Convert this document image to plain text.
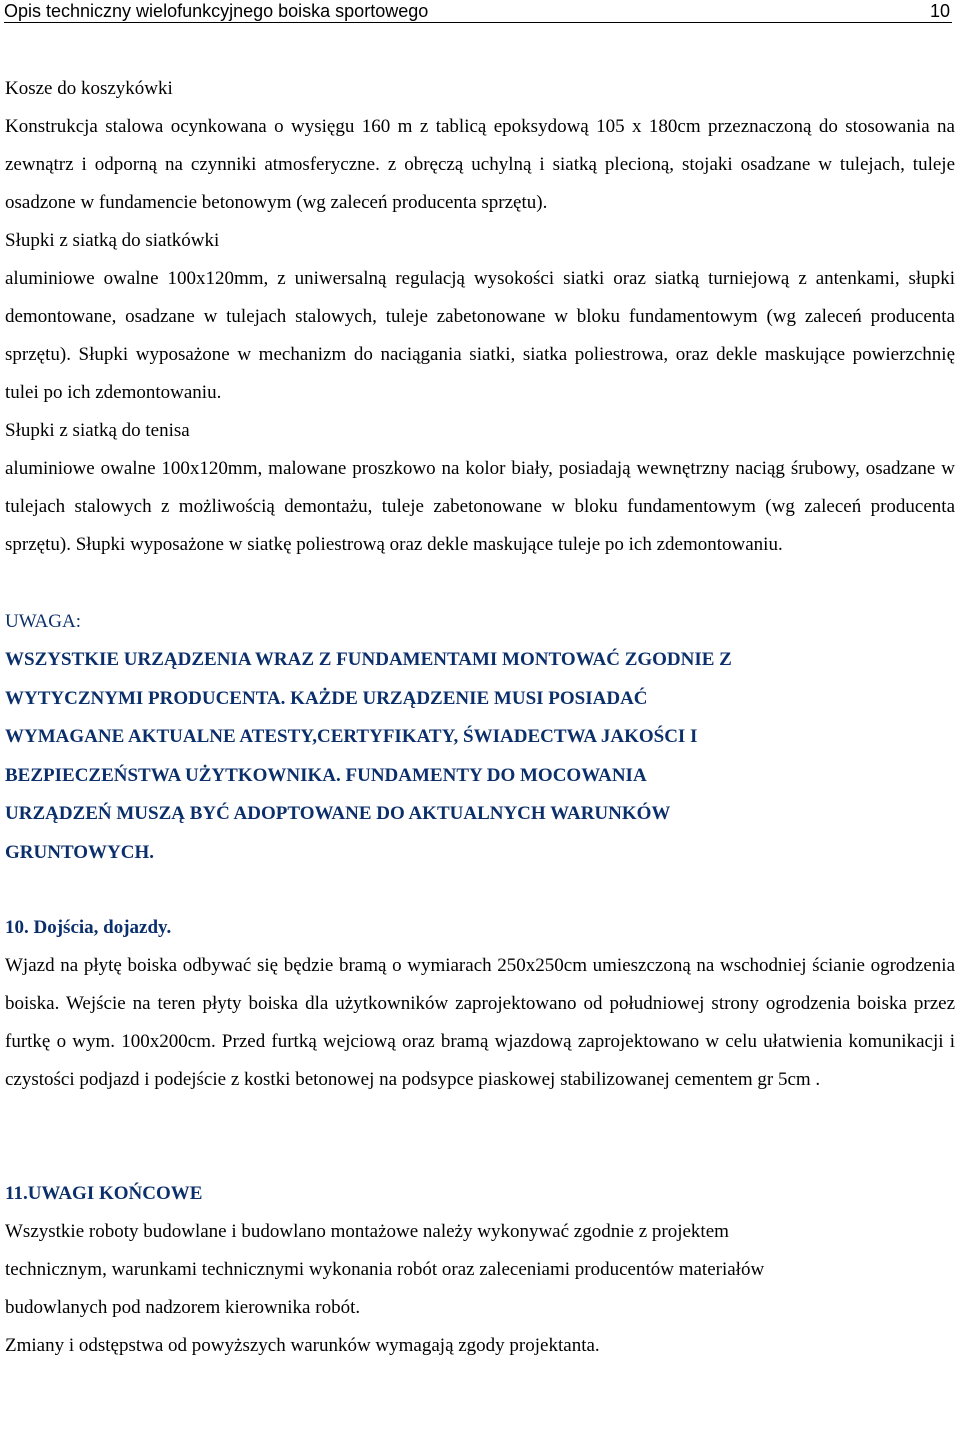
Opis techniczny wielofunkcyjnego boiska sportowego	10
Kosze do koszykówki
Konstrukcja stalowa ocynkowana o wysięgu 160 m z tablicą epoksydową 105 x 180cm przeznaczoną do stosowania na zewnątrz i odporną na czynniki atmosferyczne. z obręczą uchylną i siatką plecioną, stojaki osadzane w tulejach, tuleje osadzone w fundamencie betonowym (wg zaleceń producenta sprzętu).
Słupki z siatką do siatkówki
aluminiowe owalne 100x120mm, z uniwersalną regulacją wysokości siatki oraz siatką turniejową z antenkami, słupki demontowane, osadzane w tulejach stalowych, tuleje zabetonowane w bloku fundamentowym (wg zaleceń producenta sprzętu). Słupki wyposażone w mechanizm do naciągania siatki, siatka poliestrowa, oraz dekle maskujące powierzchnię tulei po ich zdemontowaniu.
Słupki z siatką do tenisa
aluminiowe owalne 100x120mm, malowane proszkowo na kolor biały, posiadają wewnętrzny naciąg śrubowy, osadzane w tulejach stalowych z możliwością demontażu, tuleje zabetonowane w bloku fundamentowym (wg zaleceń producenta sprzętu). Słupki wyposażone w siatkę poliestrową oraz dekle maskujące tuleje po ich zdemontowaniu.
UWAGA:
WSZYSTKIE URZĄDZENIA WRAZ Z FUNDAMENTAMI MONTOWAĆ ZGODNIE Z
WYTYCZNYMI PRODUCENTA. KAŻDE URZĄDZENIE MUSI POSIADAĆ
WYMAGANE AKTUALNE ATESTY,CERTYFIKATY, ŚWIADECTWA JAKOŚCI I
BEZPIECZEŃSTWA UŻYTKOWNIKA. FUNDAMENTY DO MOCOWANIA
URZĄDZEŃ MUSZĄ BYĆ ADOPTOWANE DO AKTUALNYCH WARUNKÓW
GRUNTOWYCH.
10. Dojścia, dojazdy.
Wjazd na płytę boiska odbywać się będzie bramą o wymiarach 250x250cm umieszczoną na wschodniej ścianie ogrodzenia boiska. Wejście na teren płyty boiska dla użytkowników zaprojektowano od południowej strony ogrodzenia boiska przez furtkę o wym. 100x200cm. Przed furtką wejciową oraz bramą wjazdową zaprojektowano w celu ułatwienia komunikacji i czystości podjazd i podejście z kostki betonowej na podsypce piaskowej stabilizowanej cementem gr 5cm .
11.UWAGI KOŃCOWE
Wszystkie roboty budowlane i budowlano montażowe należy wykonywać zgodnie z projektem
technicznym, warunkami technicznymi wykonania robót oraz zaleceniami producentów materiałów
budowlanych pod nadzorem kierownika robót.
Zmiany i odstępstwa od powyższych warunków wymagają zgody projektanta.
